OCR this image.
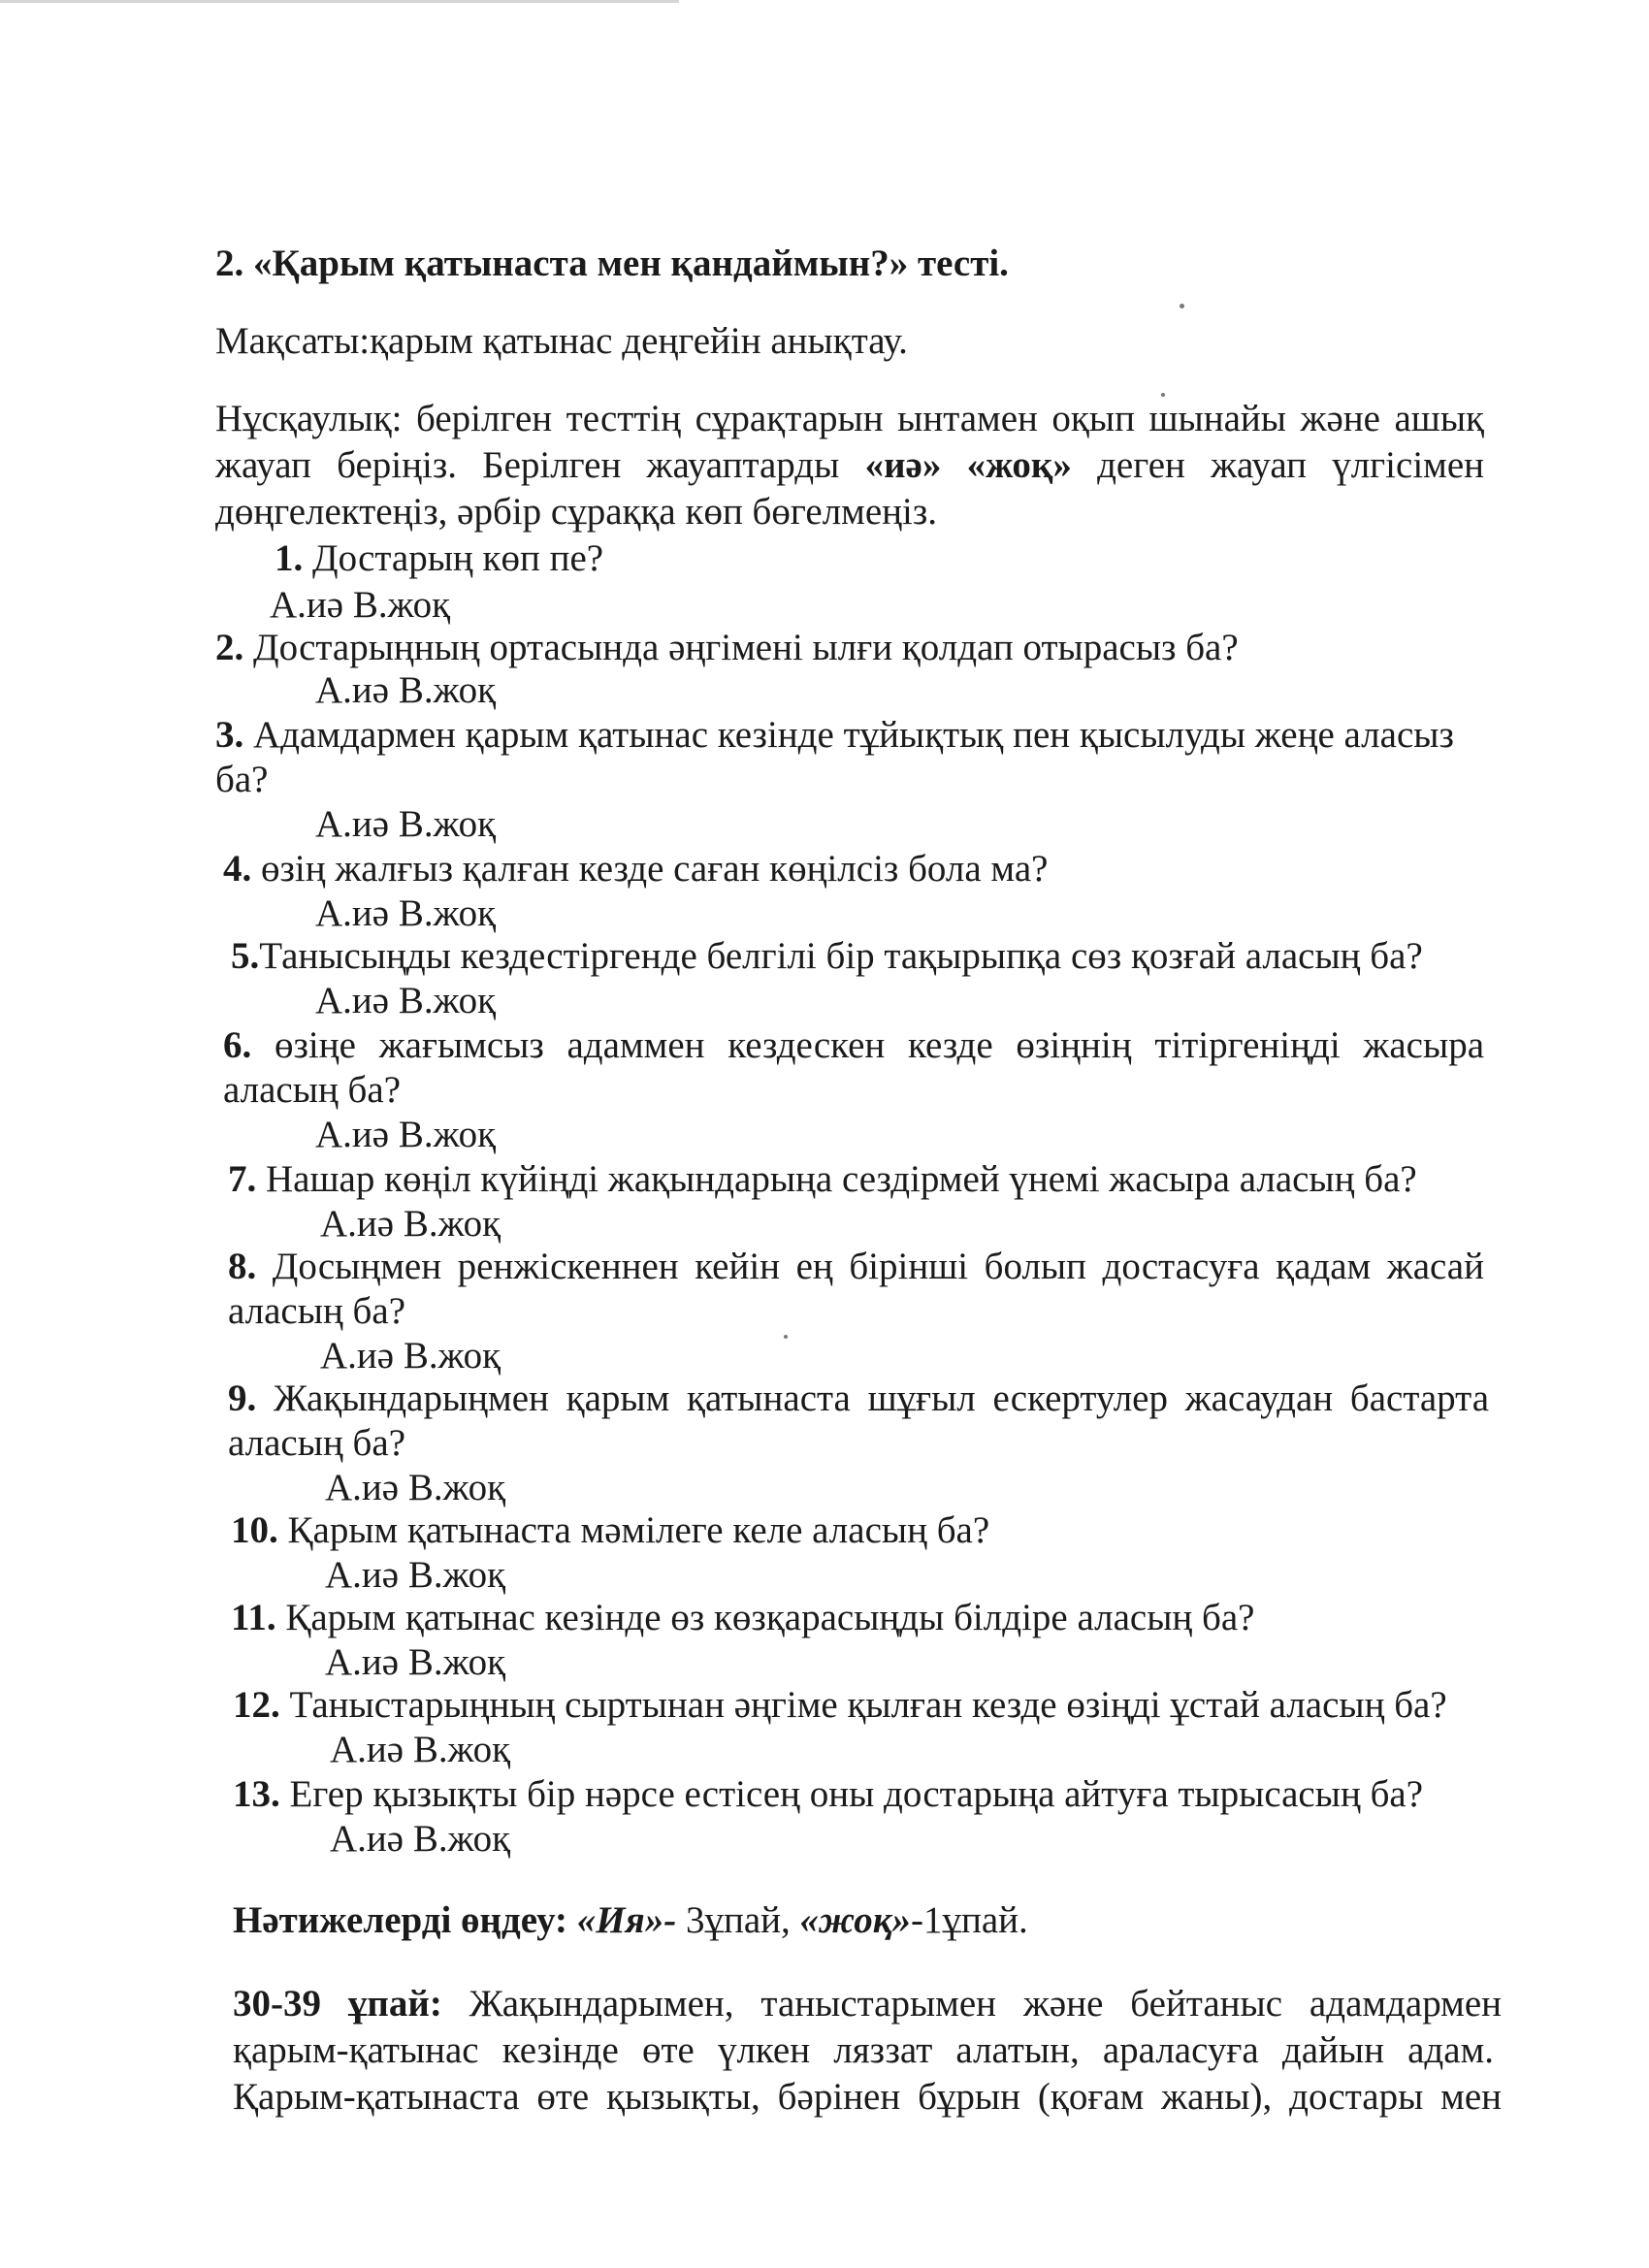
2. «Қарым қатынаста мен қандаймын?» тесті.
Мақсаты:қарым қатынас деңгейін анықтау.
Нұсқаулық: берілген тесттің сұрақтарын ынтамен оқып шынайы және ашық
жауап беріңіз. Берілген жауаптарды «иә» «жоқ» деген жауап үлгісімен
дөңгелектеңіз, әрбір сұраққа көп бөгелмеңіз.
1. Достарың көп пе?
А.иә В.жоқ
2. Достарыңның ортасында әңгімені ылғи қолдап отырасыз ба?
А.иә В.жоқ
3. Адамдармен қарым қатынас кезінде тұйықтық пен қысылуды жеңе аласыз
ба?
А.иә В.жоқ
4. өзің жалғыз қалған кезде саған көңілсіз бола ма?
А.иә В.жоқ
5.Танысыңды кездестіргенде белгілі бір тақырыпқа сөз қозғай аласың ба?
А.иә В.жоқ
6. өзіңе жағымсыз адаммен кездескен кезде өзіңнің тітіргеніңді жасыра
аласың ба?
А.иә В.жоқ
7. Нашар көңіл күйіңді жақындарыңа сездірмей үнемі жасыра аласың ба?
А.иә В.жоқ
8. Досыңмен ренжіскеннен кейін ең бірінші болып достасуға қадам жасай
аласың ба?
А.иә В.жоқ
9. Жақындарыңмен қарым қатынаста шұғыл ескертулер жасаудан бастарта
аласың ба?
А.иә В.жоқ
10. Қарым қатынаста мәмілеге келе аласың ба?
А.иә В.жоқ
11. Қарым қатынас кезінде өз көзқарасыңды білдіре аласың ба?
А.иә В.жоқ
12. Таныстарыңның сыртынан әңгіме қылған кезде өзіңді ұстай аласың ба?
А.иә В.жоқ
13. Егер қызықты бір нәрсе естісең оны достарыңа айтуға тырысасың ба?
А.иә В.жоқ
Нәтижелерді өңдеу: «Ия»- 3ұпай, «жоқ»-1ұпай.
30-39 ұпай: Жақындарымен, таныстарымен және бейтаныс адамдармен
қарым-қатынас кезінде өте үлкен ляззат алатын, араласуға дайын адам.
Қарым-қатынаста өте қызықты, бәрінен бұрын (қоғам жаны), достары мен
